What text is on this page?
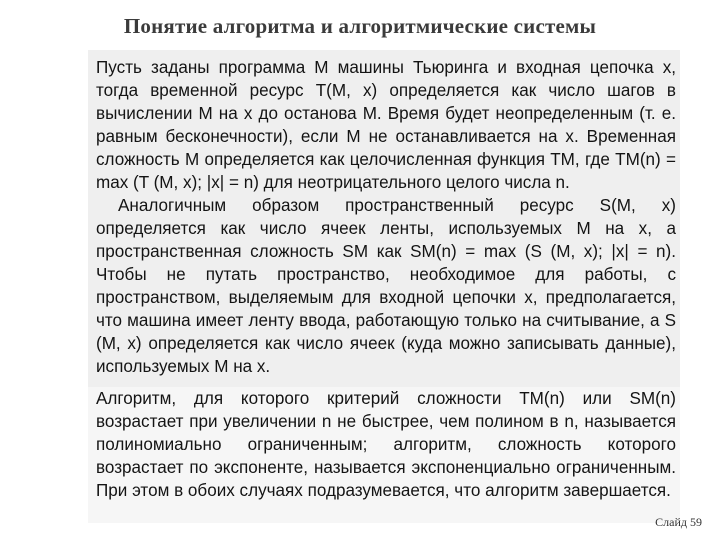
Понятие алгоритма и алгоритмические системы

Пусть заданы программа M машины Тьюринга и входная цепочка x, тогда временной ресурс T(M, x) определяется как число шагов в вычислении M на x до останова M. Время будет неопределенным (т. е. равным бесконечности), если M не останавливается на x. Временная сложность M определяется как целочисленная функция TM, где TM(n) = max (T (M, x); |x| = n) для неотрицательного целого числа n.

Аналогичным образом пространственный ресурс S(M, x) определяется как число ячеек ленты, используемых M на x, а пространственная сложность SM как SM(n) = max (S (M, x); |x| = n). Чтобы не путать пространство, необходимое для работы, с пространством, выделяемым для входной цепочки x, предполагается, что машина имеет ленту ввода, работающую только на считывание, а S (M, x) определяется как число ячеек (куда можно записывать данные), используемых M на x.

Алгоритм, для которого критерий сложности TM(n) или SM(n) возрастает при увеличении n не быстрее, чем полином в n, называется полиномиально ограниченным; алгоритм, сложность которого возрастает по экспоненте, называется экспоненциально ограниченным. При этом в обоих случаях подразумевается, что алгоритм завершается.

Слайд 59
